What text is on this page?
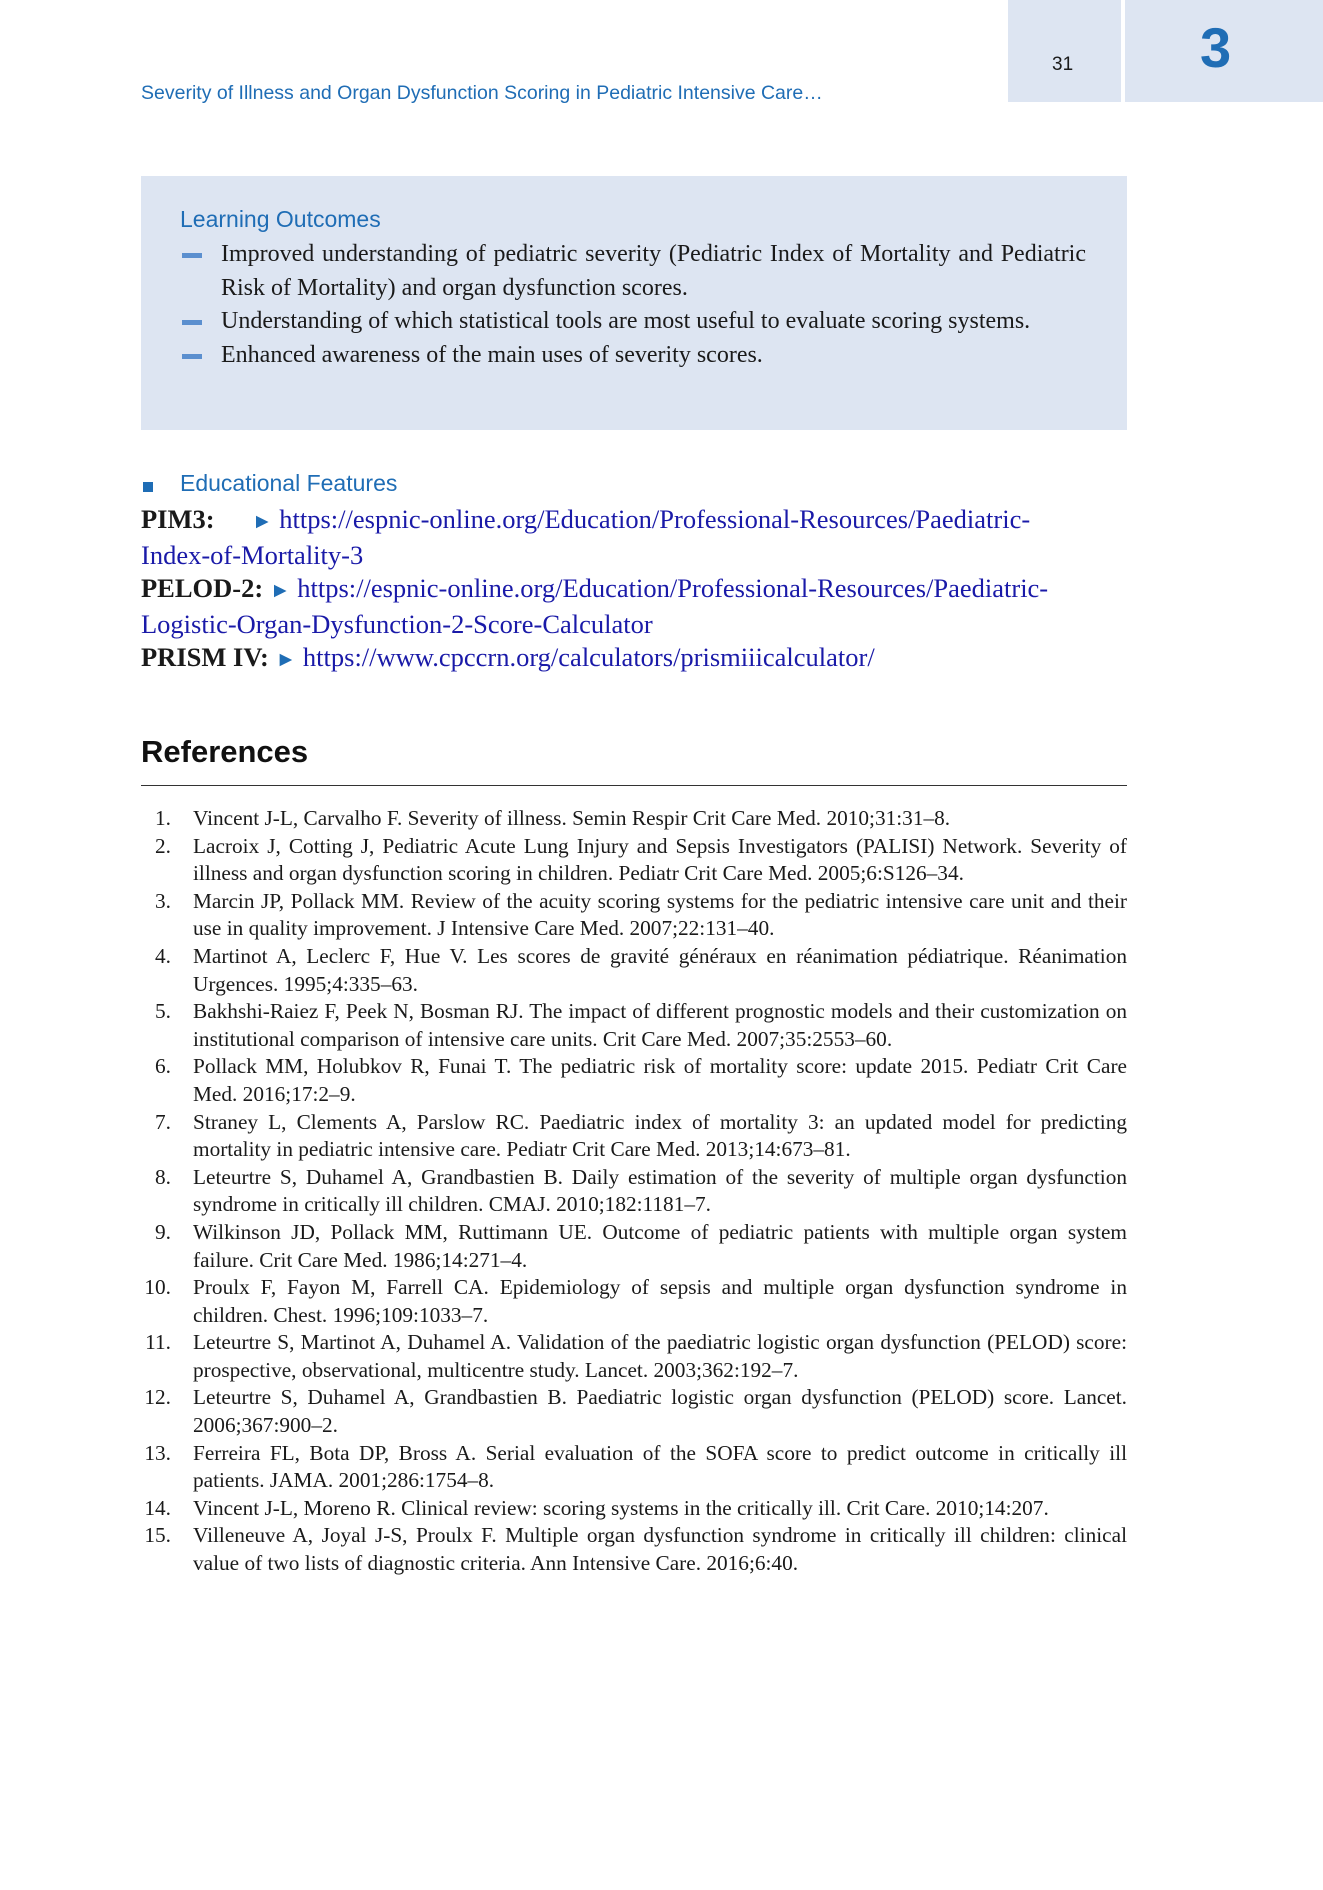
31 3
Severity of Illness and Organ Dysfunction Scoring in Pediatric Intensive Care…
Learning Outcomes
Improved understanding of pediatric severity (Pediatric Index of Mortality and Pediatric Risk of Mortality) and organ dysfunction scores.
Understanding of which statistical tools are most useful to evaluate scoring systems.
Enhanced awareness of the main uses of severity scores.
Educational Features
PIM3: ► https://espnic-online.org/Education/Professional-Resources/Paediatric-
Index-of-Mortality-3
PELOD-2: ► https://espnic-online.org/Education/Professional-Resources/Paediatric-
Logistic-Organ-Dysfunction-2-Score-Calculator
PRISM IV: ► https://www.cpccrn.org/calculators/prismiiicalculator/
References
1. Vincent J-L, Carvalho F. Severity of illness. Semin Respir Crit Care Med. 2010;31:31–8.
2. Lacroix J, Cotting J, Pediatric Acute Lung Injury and Sepsis Investigators (PALISI) Network. Severity of illness and organ dysfunction scoring in children. Pediatr Crit Care Med. 2005;6:S126–34.
3. Marcin JP, Pollack MM. Review of the acuity scoring systems for the pediatric intensive care unit and their use in quality improvement. J Intensive Care Med. 2007;22:131–40.
4. Martinot A, Leclerc F, Hue V. Les scores de gravité généraux en réanimation pédiatrique. Réanimation Urgences. 1995;4:335–63.
5. Bakhshi-Raiez F, Peek N, Bosman RJ. The impact of different prognostic models and their customization on institutional comparison of intensive care units. Crit Care Med. 2007;35:2553–60.
6. Pollack MM, Holubkov R, Funai T. The pediatric risk of mortality score: update 2015. Pediatr Crit Care Med. 2016;17:2–9.
7. Straney L, Clements A, Parslow RC. Paediatric index of mortality 3: an updated model for predicting mortality in pediatric intensive care. Pediatr Crit Care Med. 2013;14:673–81.
8. Leteurtre S, Duhamel A, Grandbastien B. Daily estimation of the severity of multiple organ dysfunction syndrome in critically ill children. CMAJ. 2010;182:1181–7.
9. Wilkinson JD, Pollack MM, Ruttimann UE. Outcome of pediatric patients with multiple organ system failure. Crit Care Med. 1986;14:271–4.
10. Proulx F, Fayon M, Farrell CA. Epidemiology of sepsis and multiple organ dysfunction syndrome in children. Chest. 1996;109:1033–7.
11. Leteurtre S, Martinot A, Duhamel A. Validation of the paediatric logistic organ dysfunction (PELOD) score: prospective, observational, multicentre study. Lancet. 2003;362:192–7.
12. Leteurtre S, Duhamel A, Grandbastien B. Paediatric logistic organ dysfunction (PELOD) score. Lancet. 2006;367:900–2.
13. Ferreira FL, Bota DP, Bross A. Serial evaluation of the SOFA score to predict outcome in critically ill patients. JAMA. 2001;286:1754–8.
14. Vincent J-L, Moreno R. Clinical review: scoring systems in the critically ill. Crit Care. 2010;14:207.
15. Villeneuve A, Joyal J-S, Proulx F. Multiple organ dysfunction syndrome in critically ill children: clinical value of two lists of diagnostic criteria. Ann Intensive Care. 2016;6:40.
